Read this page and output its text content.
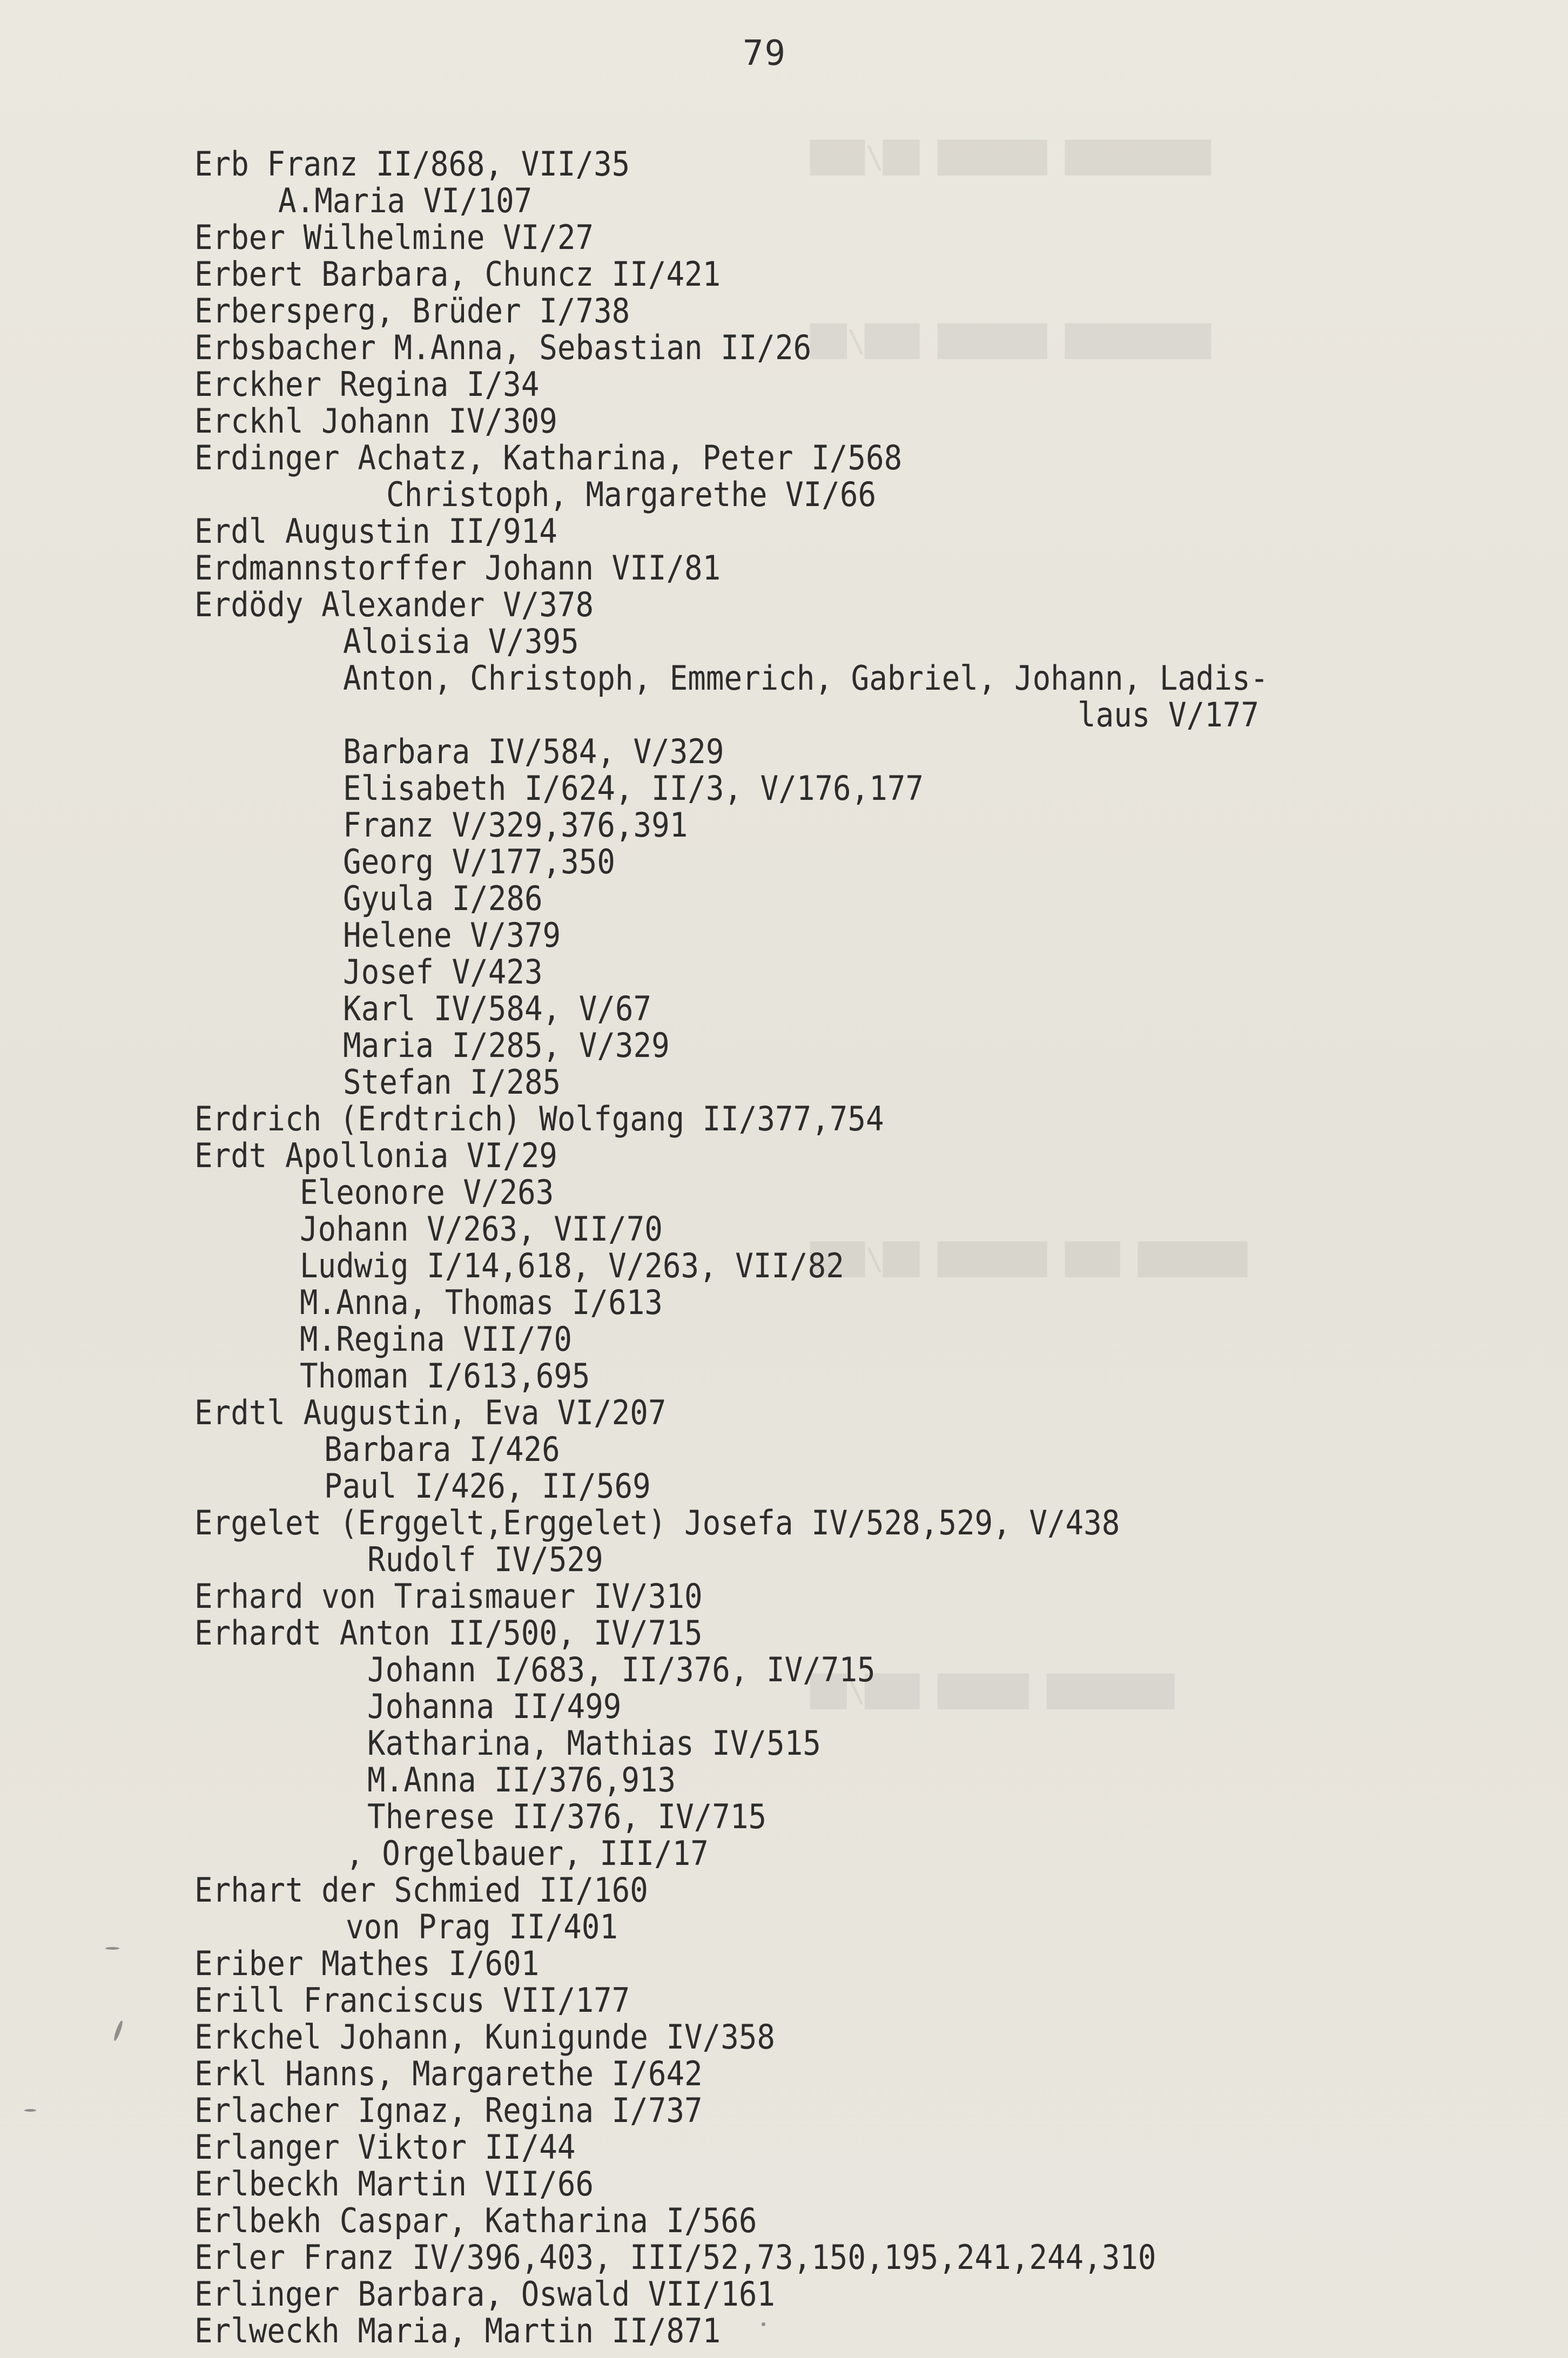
████████ ██████ ██/███
████████ ██████ ███/██
██████ ███ ██████ ██/███
███████ █████ ███/██
79
Erb Franz II/868, VII/35
A.Maria VI/107
Erber Wilhelmine VI/27
Erbert Barbara, Chuncz II/421
Erbersperg, Brüder I/738
Erbsbacher M.Anna, Sebastian II/26
Erckher Regina I/34
Erckhl Johann IV/309
Erdinger Achatz, Katharina, Peter I/568
Christoph, Margarethe VI/66
Erdl Augustin II/914
Erdmannstorffer Johann VII/81
Erdödy Alexander V/378
Aloisia V/395
Anton, Christoph, Emmerich, Gabriel, Johann, Ladis-
laus V/177
Barbara IV/584, V/329
Elisabeth I/624, II/3, V/176,177
Franz V/329,376,391
Georg V/177,350
Gyula I/286
Helene V/379
Josef V/423
Karl IV/584, V/67
Maria I/285, V/329
Stefan I/285
Erdrich (Erdtrich) Wolfgang II/377,754
Erdt Apollonia VI/29
Eleonore V/263
Johann V/263, VII/70
Ludwig I/14,618, V/263, VII/82
M.Anna, Thomas I/613
M.Regina VII/70
Thoman I/613,695
Erdtl Augustin, Eva VI/207
Barbara I/426
Paul I/426, II/569
Ergelet (Erggelt,Erggelet) Josefa IV/528,529, V/438
Rudolf IV/529
Erhard von Traismauer IV/310
Erhardt Anton II/500, IV/715
Johann I/683, II/376, IV/715
Johanna II/499
Katharina, Mathias IV/515
M.Anna II/376,913
Therese II/376, IV/715
, Orgelbauer, III/17
Erhart der Schmied II/160
von Prag II/401
Eriber Mathes I/601
Erill Franciscus VII/177
Erkchel Johann, Kunigunde IV/358
Erkl Hanns, Margarethe I/642
Erlacher Ignaz, Regina I/737
Erlanger Viktor II/44
Erlbeckh Martin VII/66
Erlbekh Caspar, Katharina I/566
Erler Franz IV/396,403, III/52,73,150,195,241,244,310
Erlinger Barbara, Oswald VII/161
Erlweckh Maria, Martin II/871
